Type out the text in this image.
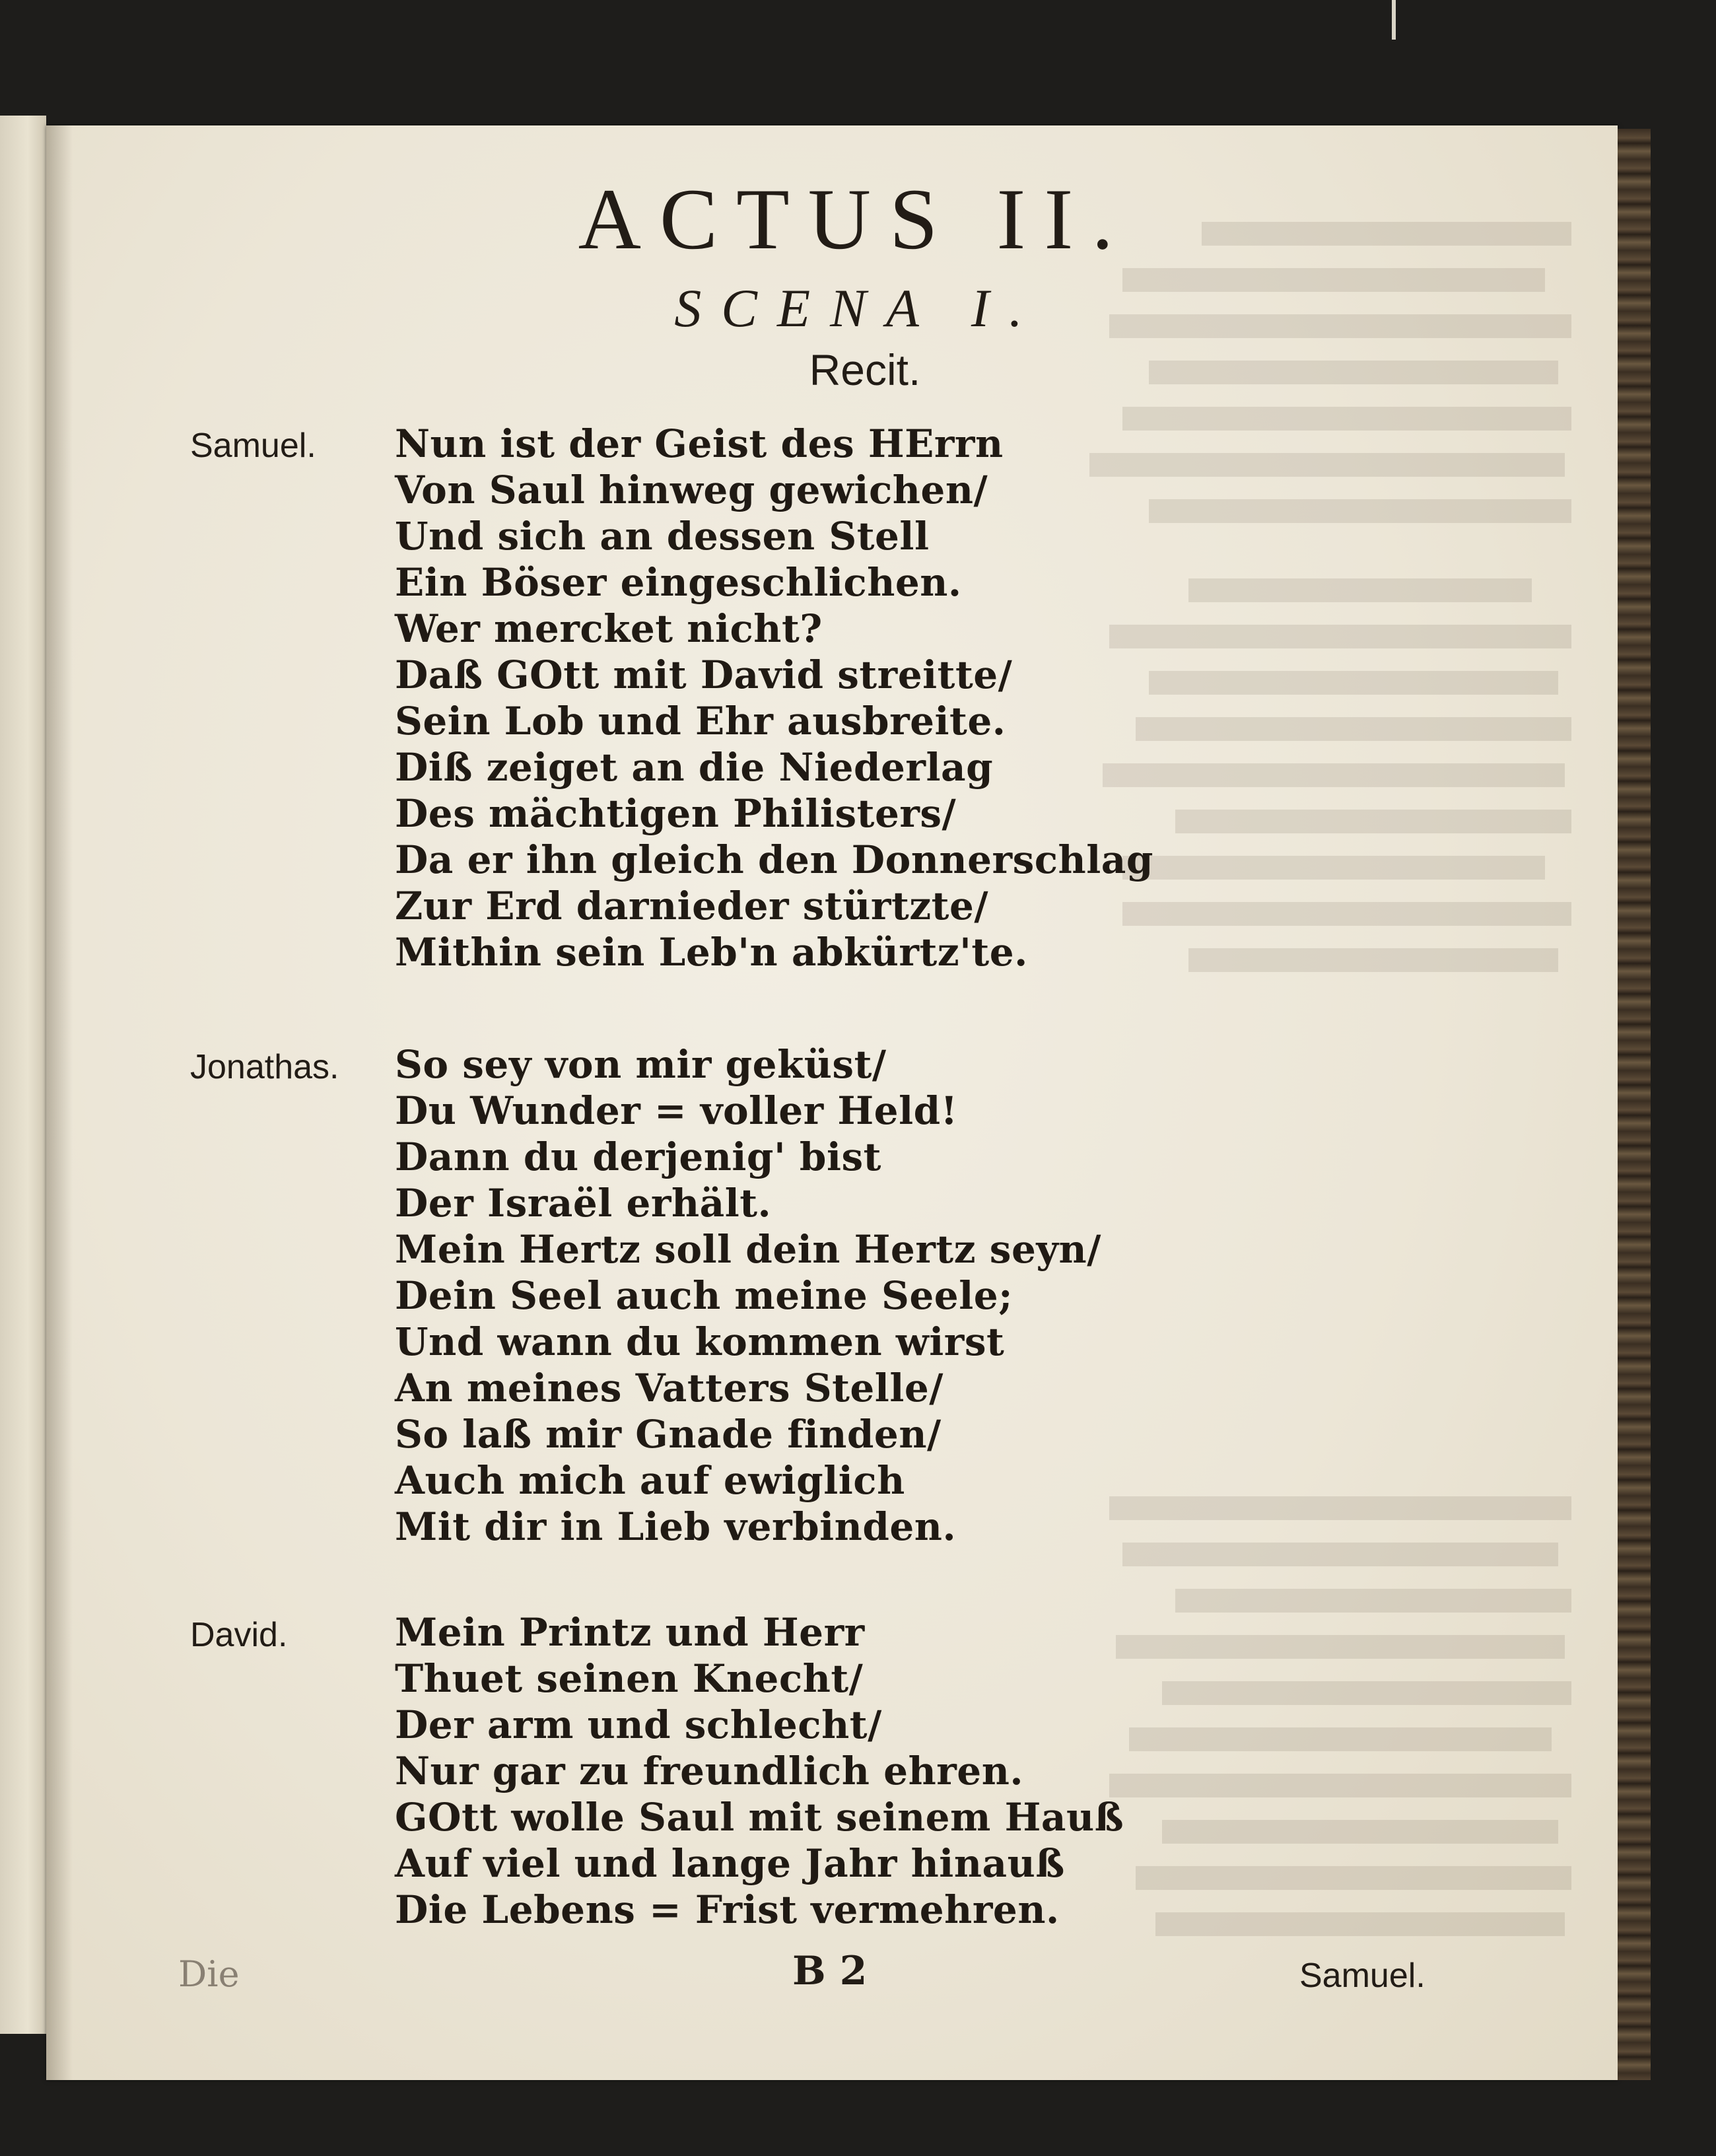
ACTUS II.
SCENA I.
Recit.
Samuel. Nun ist der Geist des HErrn
Von Saul hinweg gewichen/
Und sich an dessen Stell
Ein Böser eingeschlichen.
Wer mercket nicht?
Daß GOtt mit David streitte/
Sein Lob und Ehr ausbreite.
Diß zeiget an die Niederlag
Des mächtigen Philisters/
Da er ihn gleich den Donnerschlag
Zur Erd darnieder stürtzte/
Mithin sein Leb'n abkürtz'te.
Jonathas. So sey von mir geküst/
Du Wunder = voller Held!
Dann du derjenig' bist
Der Israël erhält.
Mein Hertz soll dein Hertz seyn/
Dein Seel auch meine Seele;
Und wann du kommen wirst
An meines Vatters Stelle/
So laß mir Gnade finden/
Auch mich auf ewiglich
Mit dir in Lieb verbinden.
David.	Mein Printz und Herr
Thuet seinen Knecht/
Der arm und schlecht/
Nur gar zu freundlich ehren.
GOtt wolle Saul mit seinem Hauß
Auf viel und lange Jahr hinauß
Die Lebens = Frist vermehren.
Die	B 2	Samuel.
